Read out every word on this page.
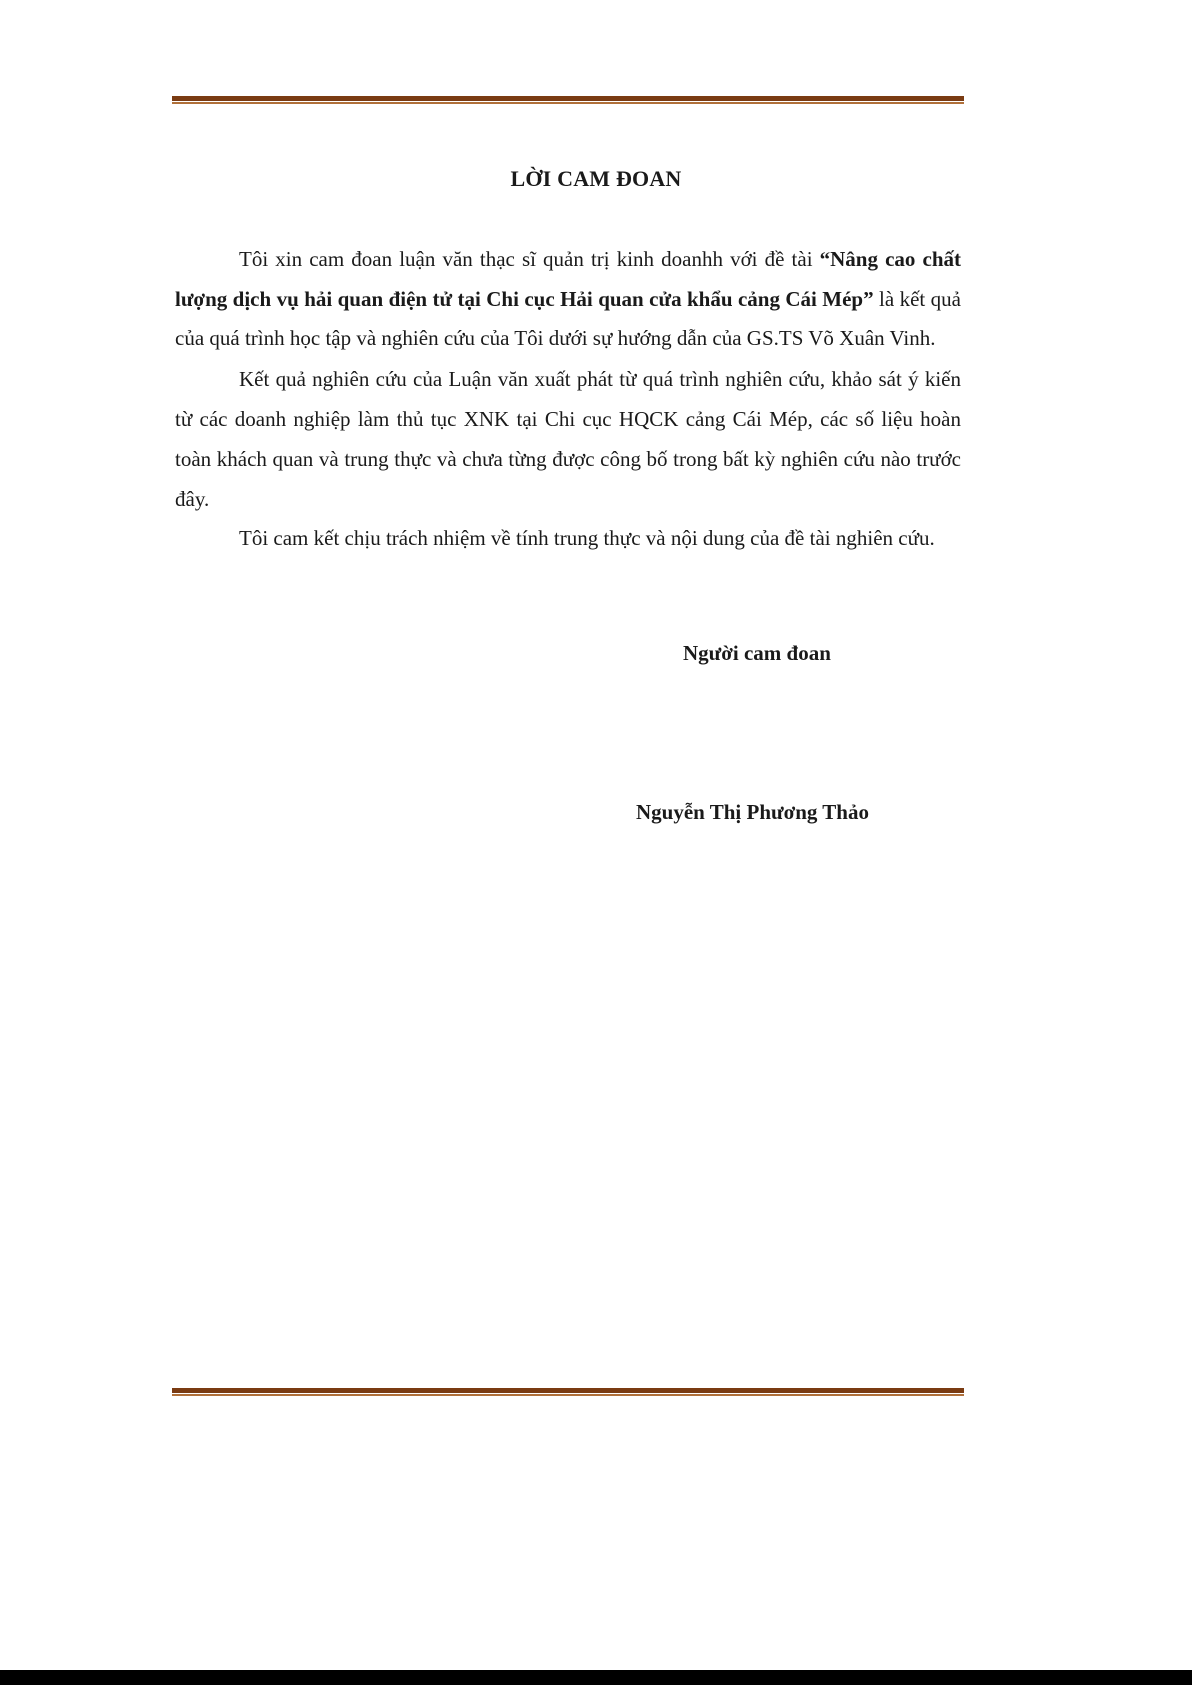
LỜI CAM ĐOAN

Tôi xin cam đoan luận văn thạc sĩ quản trị kinh doanhh với đề tài “Nâng cao chất lượng dịch vụ hải quan điện tử tại Chi cục Hải quan cửa khẩu cảng Cái Mép” là kết quả của quá trình học tập và nghiên cứu của Tôi dưới sự hướng dẫn của GS.TS Võ Xuân Vinh.

Kết quả nghiên cứu của Luận văn xuất phát từ quá trình nghiên cứu, khảo sát ý kiến từ các doanh nghiệp làm thủ tục XNK tại Chi cục HQCK cảng Cái Mép, các số liệu hoàn toàn khách quan và trung thực và chưa từng được công bố trong bất kỳ nghiên cứu nào trước đây.

Tôi cam kết chịu trách nhiệm về tính trung thực và nội dung của đề tài nghiên cứu.

Người cam đoan
Nguyễn Thị Phương Thảo
